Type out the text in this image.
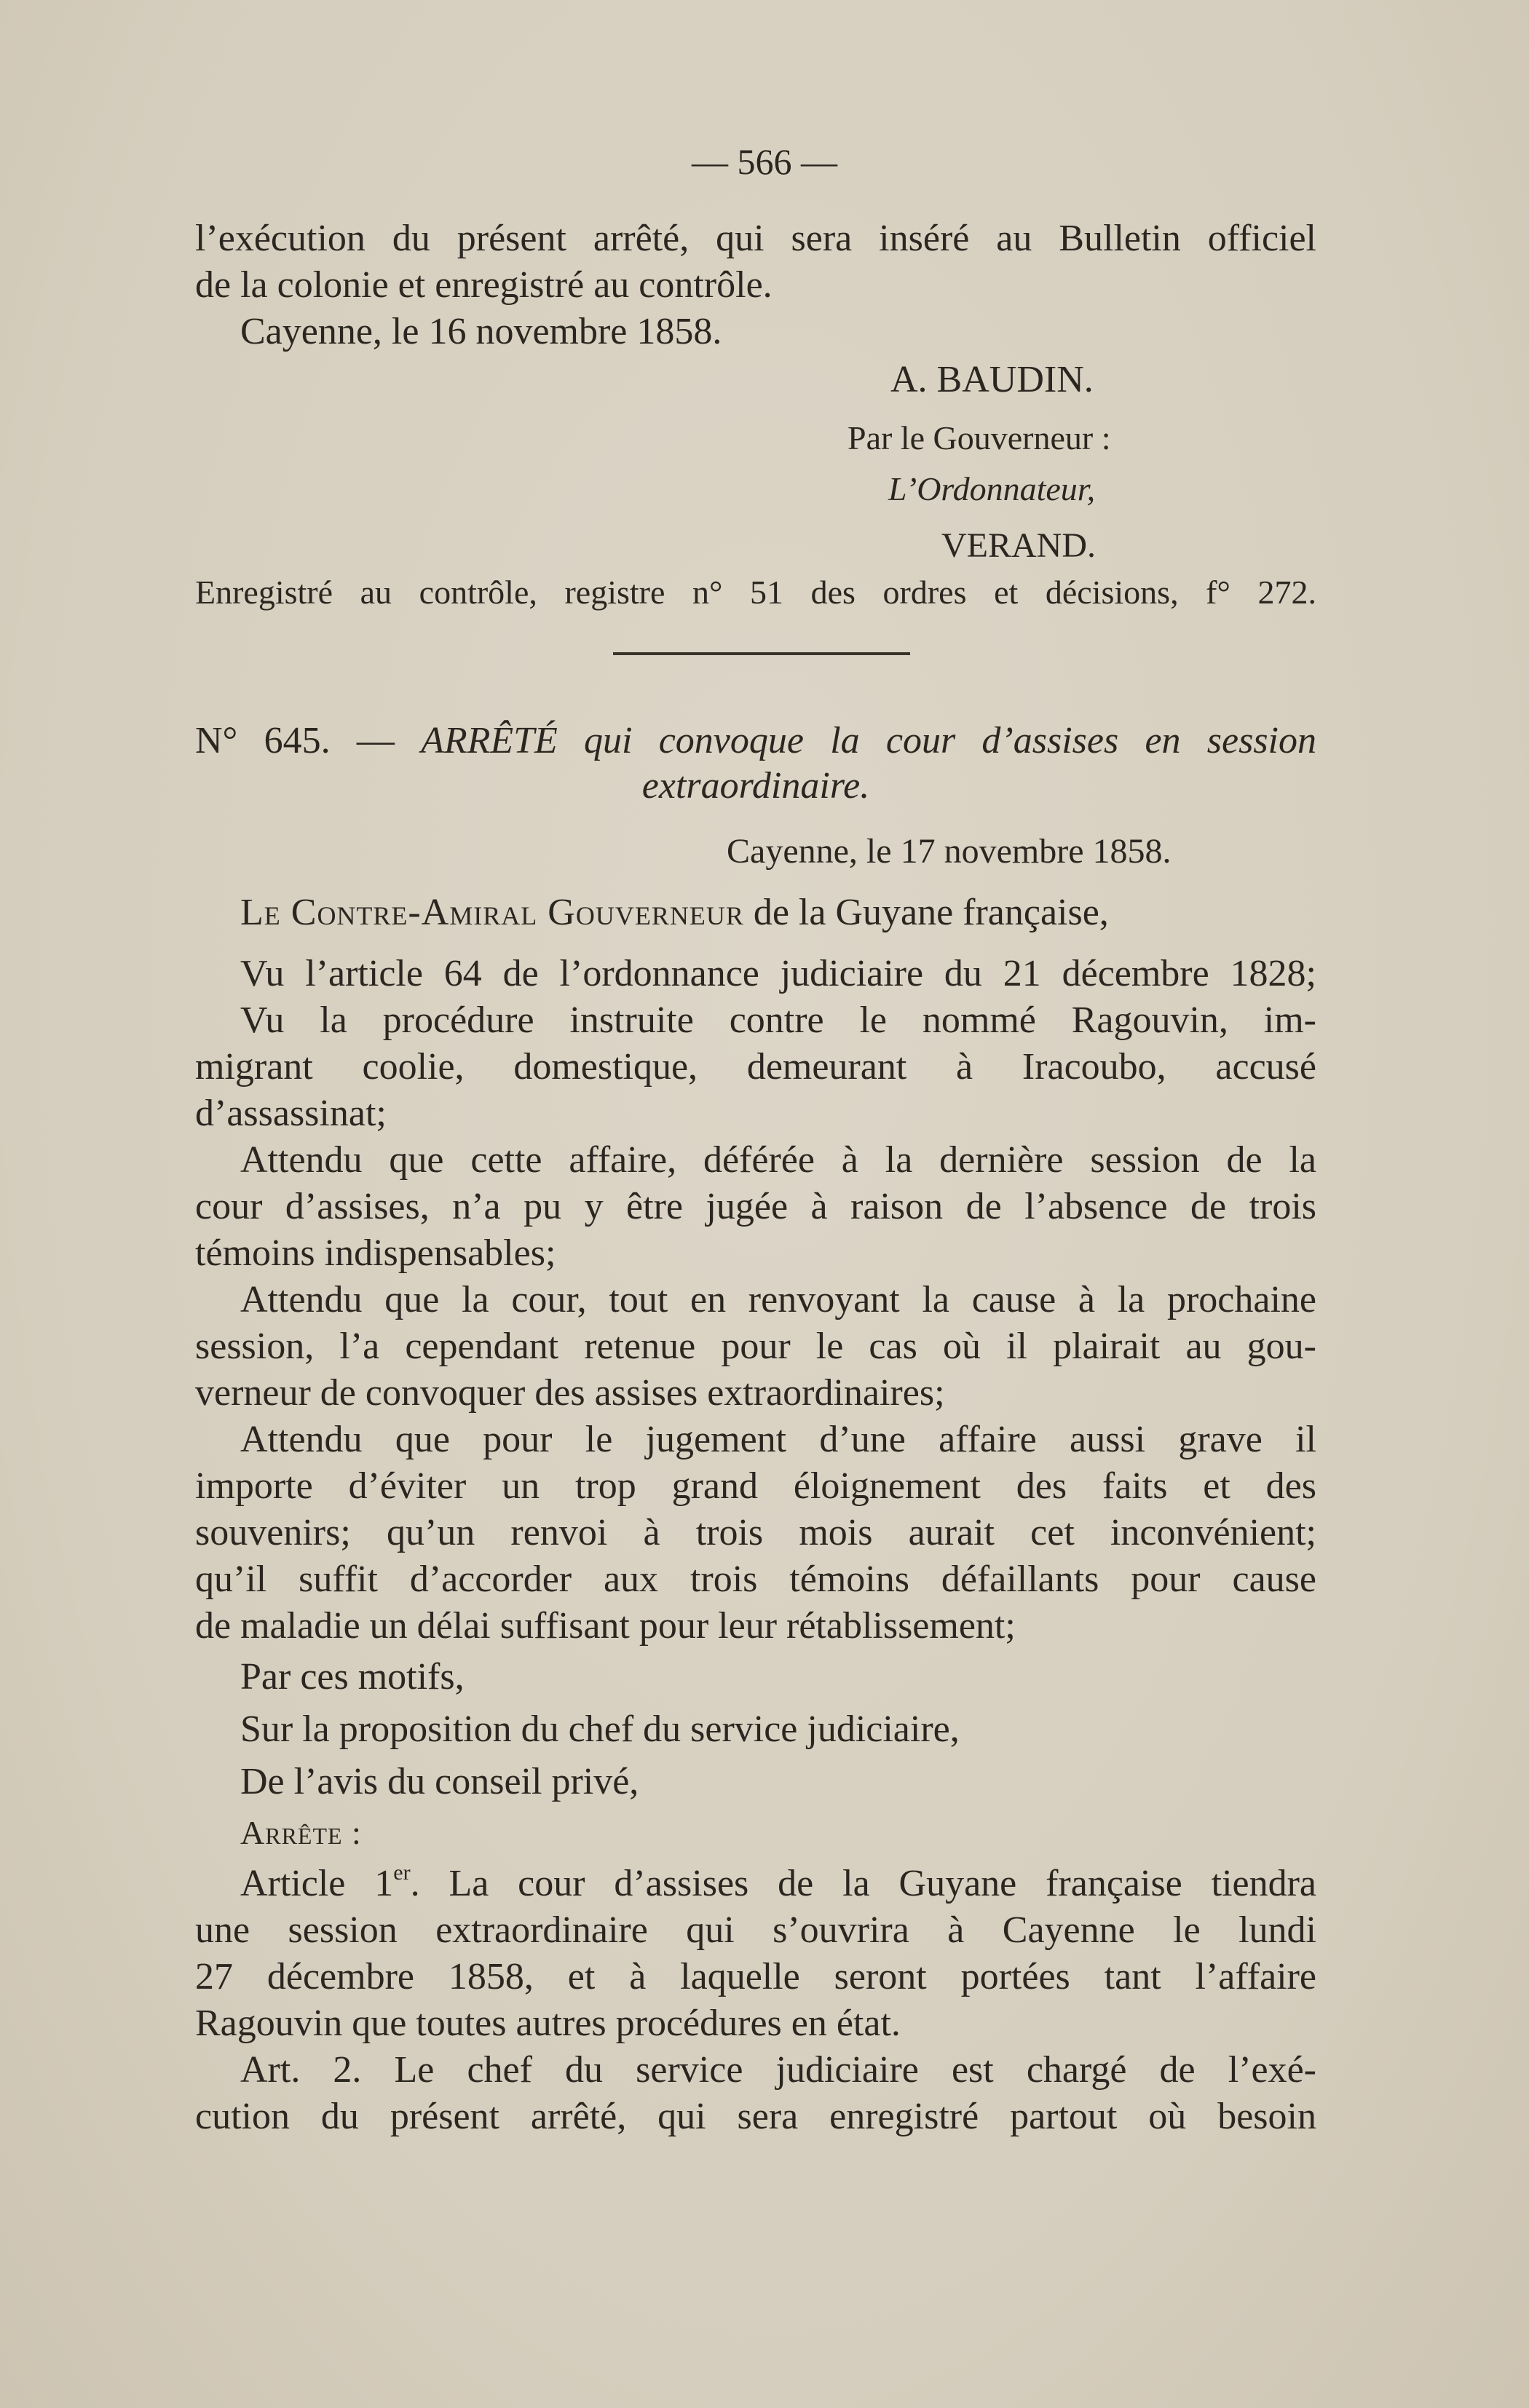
— 566 —
l’exécution du présent arrêté, qui sera inséré au Bulletin officiel
de la colonie et enregistré au contrôle.
Cayenne, le 16 novembre 1858.
A. BAUDIN.
Par le Gouverneur :
L’Ordonnateur,
VERAND.
Enregistré au contrôle, registre n° 51 des ordres et décisions, f° 272.
N° 645. — ARRÊTÉ qui convoque la cour d’assises en session
extraordinaire.
Cayenne, le 17 novembre 1858.
Le Contre-Amiral Gouverneur de la Guyane française,
Vu l’article 64 de l’ordonnance judiciaire du 21 décembre 1828;
Vu la procédure instruite contre le nommé Ragouvin, im-
migrant coolie, domestique, demeurant à Iracoubo, accusé
d’assassinat;
Attendu que cette affaire, déférée à la dernière session de la
cour d’assises, n’a pu y être jugée à raison de l’absence de trois
témoins indispensables;
Attendu que la cour, tout en renvoyant la cause à la prochaine
session, l’a cependant retenue pour le cas où il plairait au gou-
verneur de convoquer des assises extraordinaires;
Attendu que pour le jugement d’une affaire aussi grave il
importe d’éviter un trop grand éloignement des faits et des
souvenirs; qu’un renvoi à trois mois aurait cet inconvénient;
qu’il suffit d’accorder aux trois témoins défaillants pour cause
de maladie un délai suffisant pour leur rétablissement;
Par ces motifs,
Sur la proposition du chef du service judiciaire,
De l’avis du conseil privé,
Arrête :
Article 1er. La cour d’assises de la Guyane française tiendra
une session extraordinaire qui s’ouvrira à Cayenne le lundi
27 décembre 1858, et à laquelle seront portées tant l’affaire
Ragouvin que toutes autres procédures en état.
Art. 2. Le chef du service judiciaire est chargé de l’exé-
cution du présent arrêté, qui sera enregistré partout où besoin
